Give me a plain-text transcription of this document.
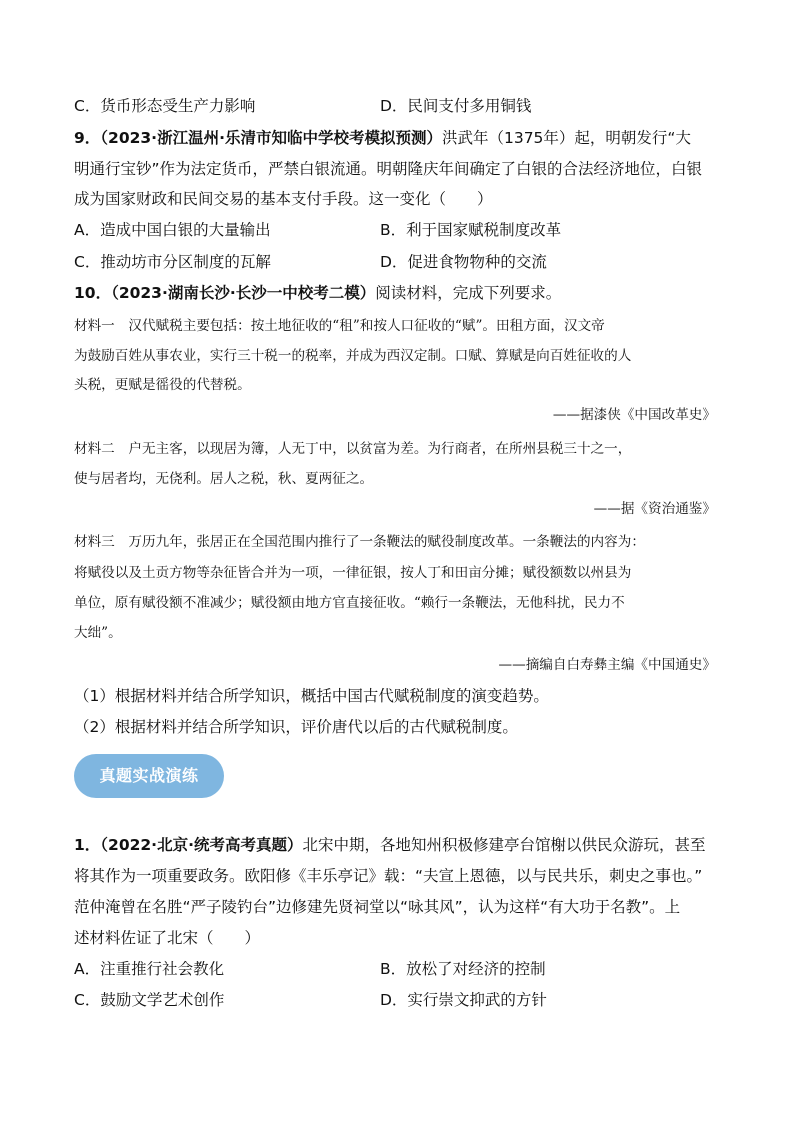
C．货币形态受生产力影响	D．民间支付多用铜钱
9．（2023·浙江温州·乐清市知临中学校考模拟预测）洪武年（1375年）起，明朝发行“大
明通行宝钞”作为法定货币，严禁白银流通。明朝隆庆年间确定了白银的合法经济地位，白银
成为国家财政和民间交易的基本支付手段。这一变化（　　）
A．造成中国白银的大量输出	B．利于国家赋税制度改革
C．推动坊市分区制度的瓦解	D．促进食物物种的交流
10．（2023·湖南长沙·长沙一中校考二模）阅读材料，完成下列要求。
材料一　汉代赋税主要包括：按土地征收的“租”和按人口征收的“赋”。田租方面，汉文帝
为鼓励百姓从事农业，实行三十税一的税率，并成为西汉定制。口赋、算赋是向百姓征收的人
头税，更赋是徭役的代替税。
——据漆侠《中国改革史》
材料二　户无主客，以现居为簿，人无丁中，以贫富为差。为行商者，在所州县税三十之一，
使与居者均，无侥利。居人之税，秋、夏两征之。
——据《资治通鉴》
材料三　万历九年，张居正在全国范围内推行了一条鞭法的赋役制度改革。一条鞭法的内容为：
将赋役以及土贡方物等杂征皆合并为一项，一律征银，按人丁和田亩分摊；赋役额数以州县为
单位，原有赋役额不准减少；赋役额由地方官直接征收。“赖行一条鞭法，无他科扰，民力不
大绌”。
——摘编自白寿彝主编《中国通史》
（1）根据材料并结合所学知识，概括中国古代赋税制度的演变趋势。
（2）根据材料并结合所学知识，评价唐代以后的古代赋税制度。
真题实战演练
1．（2022·北京·统考高考真题）北宋中期，各地知州积极修建亭台馆榭以供民众游玩，甚至
将其作为一项重要政务。欧阳修《丰乐亭记》载：“夫宣上恩德，以与民共乐，刺史之事也。”
范仲淹曾在名胜“严子陵钓台”边修建先贤祠堂以“咏其风”，认为这样“有大功于名教”。上
述材料佐证了北宋（　　）
A．注重推行社会教化	B．放松了对经济的控制
C．鼓励文学艺术创作	D．实行崇文抑武的方针
